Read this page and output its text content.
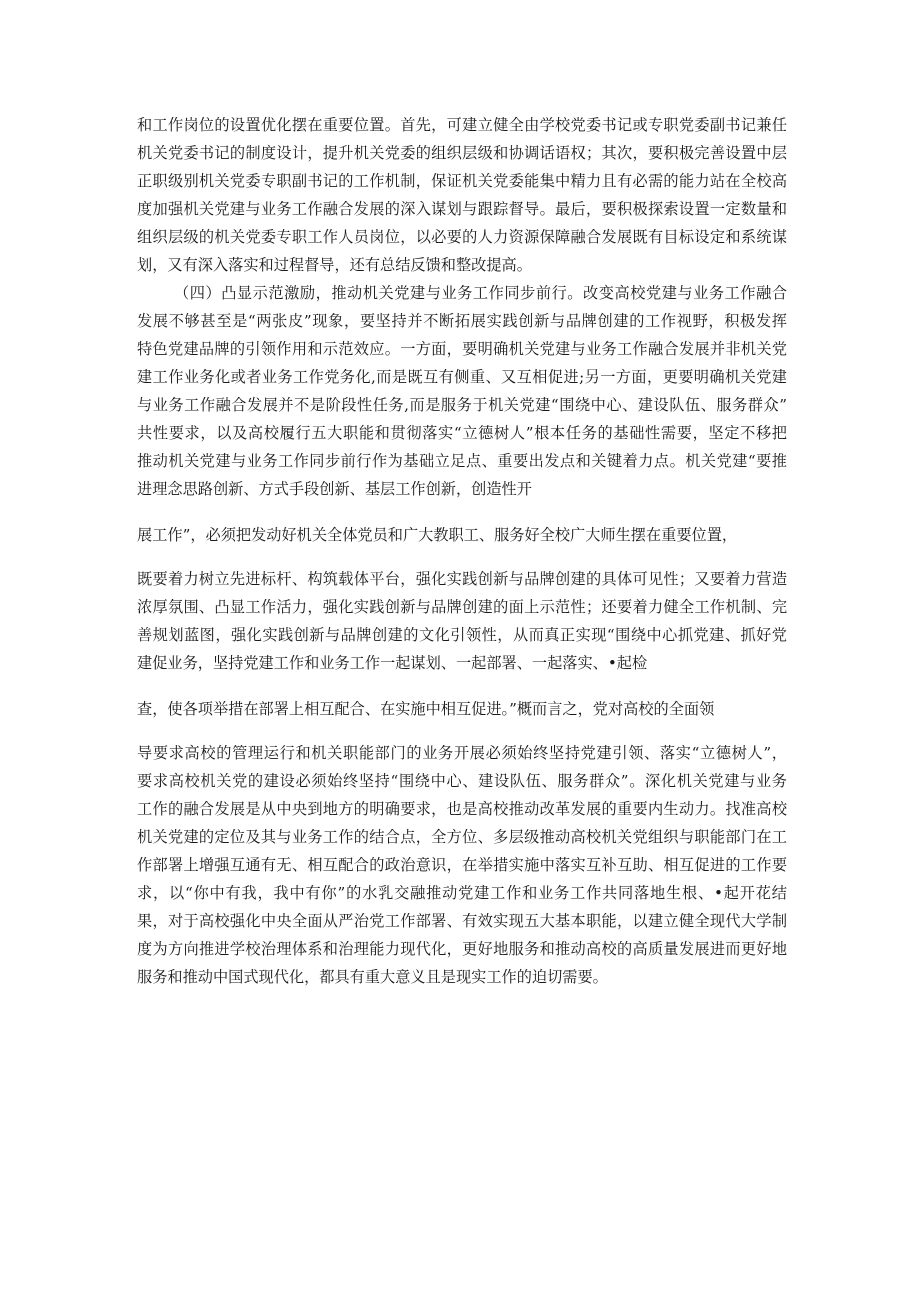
和工作岗位的设置优化摆在重要位置。首先，可建立健全由学校党委书记或专职党委副书记兼任

机关党委书记的制度设计，提升机关党委的组织层级和协调话语权；其次，要积极完善设置中层

正职级别机关党委专职副书记的工作机制，保证机关党委能集中精力且有必需的能力站在全校高

度加强机关党建与业务工作融合发展的深入谋划与跟踪督导。最后，要积极探索设置一定数量和

组织层级的机关党委专职工作人员岗位，以必要的人力资源保障融合发展既有目标设定和系统谋

划，又有深入落实和过程督导，还有总结反馈和整改提高。

（四）凸显示范激励，推动机关党建与业务工作同步前行。改变高校党建与业务工作融合

发展不够甚至是“两张皮”现象，要坚持并不断拓展实践创新与品牌创建的工作视野，积极发挥

特色党建品牌的引领作用和示范效应。一方面，要明确机关党建与业务工作融合发展并非机关党

建工作业务化或者业务工作党务化,而是既互有侧重、又互相促进;另一方面，更要明确机关党建

与业务工作融合发展并不是阶段性任务,而是服务于机关党建“围绕中心、建设队伍、服务群众”

共性要求，以及高校履行五大职能和贯彻落实“立德树人”根本任务的基础性需要，坚定不移把

推动机关党建与业务工作同步前行作为基础立足点、重要出发点和关键着力点。机关党建“要推

进理念思路创新、方式手段创新、基层工作创新，创造性开

展工作”，必须把发动好机关全体党员和广大教职工、服务好全校广大师生摆在重要位置，

既要着力树立先进标杆、构筑载体平台，强化实践创新与品牌创建的具体可见性；又要着力营造

浓厚氛围、凸显工作活力，强化实践创新与品牌创建的面上示范性；还要着力健全工作机制、完

善规划蓝图，强化实践创新与品牌创建的文化引领性，从而真正实现“围绕中心抓党建、抓好党

建促业务，坚持党建工作和业务工作一起谋划、一起部署、一起落实、•起检

查，使各项举措在部署上相互配合、在实施中相互促进。”概而言之，党对高校的全面领

导要求高校的管理运行和机关职能部门的业务开展必须始终坚持党建引领、落实“立德树人”，

要求高校机关党的建设必须始终坚持“围绕中心、建设队伍、服务群众”。深化机关党建与业务

工作的融合发展是从中央到地方的明确要求，也是高校推动改革发展的重要内生动力。找准高校

机关党建的定位及其与业务工作的结合点，全方位、多层级推动高校机关党组织与职能部门在工

作部署上增强互通有无、相互配合的政治意识，在举措实施中落实互补互助、相互促进的工作要

求，以“你中有我，我中有你”的水乳交融推动党建工作和业务工作共同落地生根、•起开花结

果，对于高校强化中央全面从严治党工作部署、有效实现五大基本职能，以建立健全现代大学制

度为方向推进学校治理体系和治理能力现代化，更好地服务和推动高校的高质量发展进而更好地

服务和推动中国式现代化，都具有重大意义且是现实工作的迫切需要。
